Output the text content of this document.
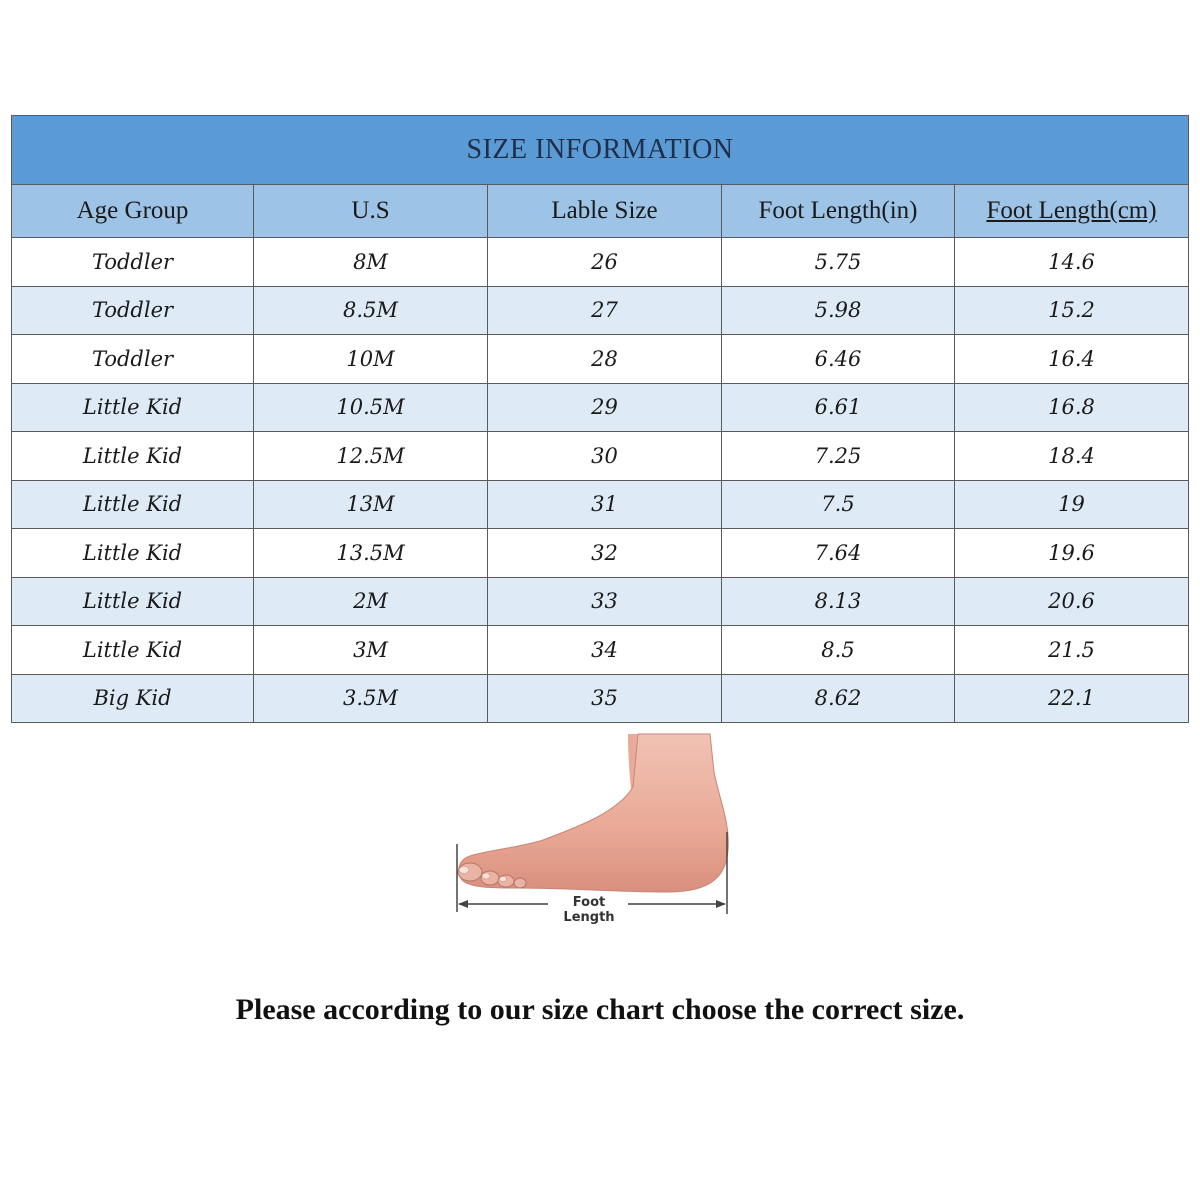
SIZE INFORMATION				
Age Group	U.S	Lable Size	Foot Length(in)	Foot Length(cm)
Toddler	8M	26	5.75	14.6
Toddler	8.5M	27	5.98	15.2
Toddler	10M	28	6.46	16.4
Little Kid	10.5M	29	6.61	16.8
Little Kid	12.5M	30	7.25	18.4
Little Kid	13M	31	7.5	19
Little Kid	13.5M	32	7.64	19.6
Little Kid	2M	33	8.13	20.6
Little Kid	3M	34	8.5	21.5
Big Kid	3.5M	35	8.62	22.1
Foot Length
Please according to our size chart choose the correct size.
